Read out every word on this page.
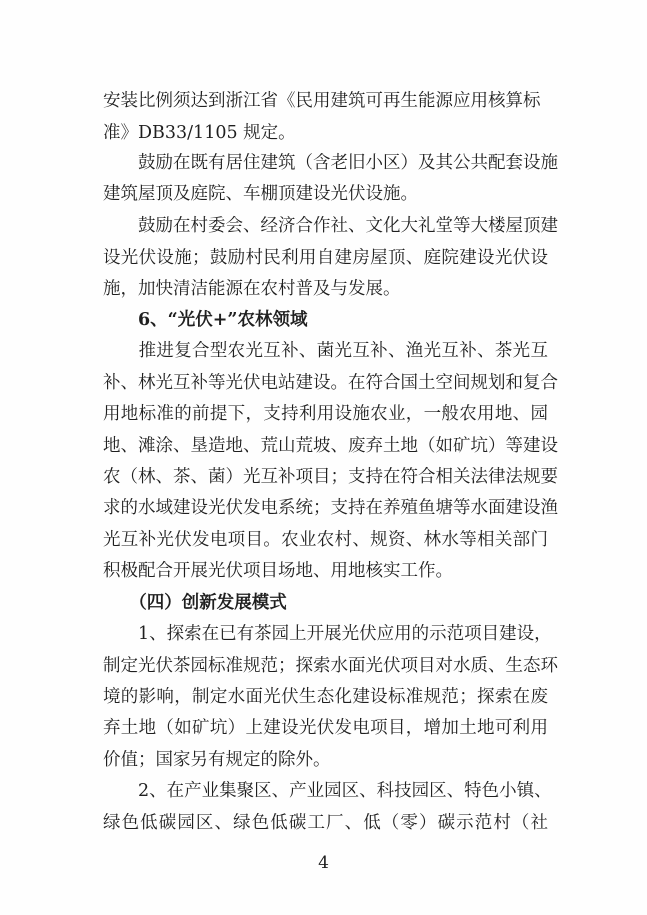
安装比例须达到浙江省《民用建筑可再生能源应用核算标
准》DB33/1105 规定。
　　鼓励在既有居住建筑（含老旧小区）及其公共配套设施
建筑屋顶及庭院、车棚顶建设光伏设施。
　　鼓励在村委会、经济合作社、文化大礼堂等大楼屋顶建
设光伏设施；鼓励村民利用自建房屋顶、庭院建设光伏设
施，加快清洁能源在农村普及与发展。
　　6、“光伏+”农林领域
　　推进复合型农光互补、菌光互补、渔光互补、茶光互
补、林光互补等光伏电站建设。在符合国土空间规划和复合
用地标准的前提下，支持利用设施农业，一般农用地、园
地、滩涂、垦造地、荒山荒坡、废弃土地（如矿坑）等建设
农（林、茶、菌）光互补项目；支持在符合相关法律法规要
求的水域建设光伏发电系统；支持在养殖鱼塘等水面建设渔
光互补光伏发电项目。农业农村、规资、林水等相关部门
积极配合开展光伏项目场地、用地核实工作。
　　（四）创新发展模式
　　1、探索在已有茶园上开展光伏应用的示范项目建设，
制定光伏茶园标准规范；探索水面光伏项目对水质、生态环
境的影响，制定水面光伏生态化建设标准规范；探索在废
弃土地（如矿坑）上建设光伏发电项目，增加土地可利用
价值；国家另有规定的除外。
　　2、在产业集聚区、产业园区、科技园区、特色小镇、
绿色低碳园区、绿色低碳工厂、低（零）碳示范村（社
4
